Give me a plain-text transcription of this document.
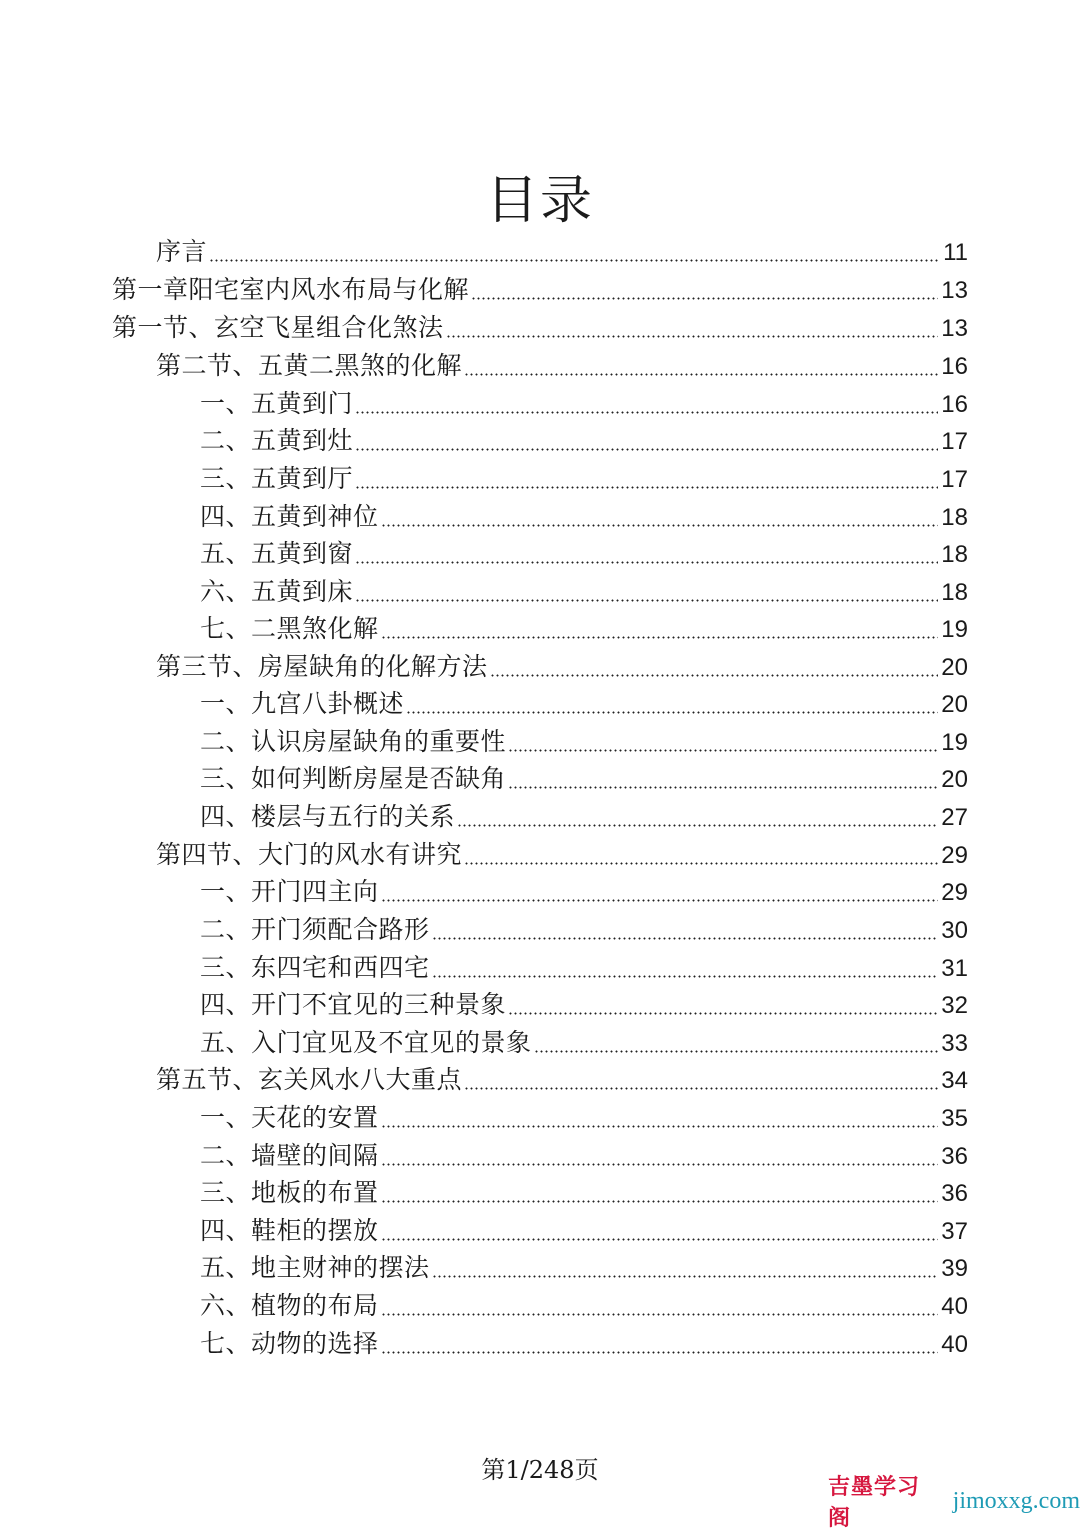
目录
序言	11
第一章阳宅室内风水布局与化解	13
第一节、玄空飞星组合化煞法	13
第二节、五黄二黑煞的化解	16
一、五黄到门	16
二、五黄到灶	17
三、五黄到厅	17
四、五黄到神位	18
五、五黄到窗	18
六、五黄到床	18
七、二黑煞化解	19
第三节、房屋缺角的化解方法	20
一、九宫八卦概述	20
二、认识房屋缺角的重要性	19
三、如何判断房屋是否缺角	20
四、楼层与五行的关系	27
第四节、大门的风水有讲究	29
一、开门四主向	29
二、开门须配合路形	30
三、东四宅和西四宅	31
四、开门不宜见的三种景象	32
五、入门宜见及不宜见的景象	33
第五节、玄关风水八大重点	34
一、天花的安置	35
二、墙壁的间隔	36
三、地板的布置	36
四、鞋柜的摆放	37
五、地主财神的摆法	39
六、植物的布局	40
七、动物的选择	40
第1/248页
吉墨学习阁
jimoxxg.com
